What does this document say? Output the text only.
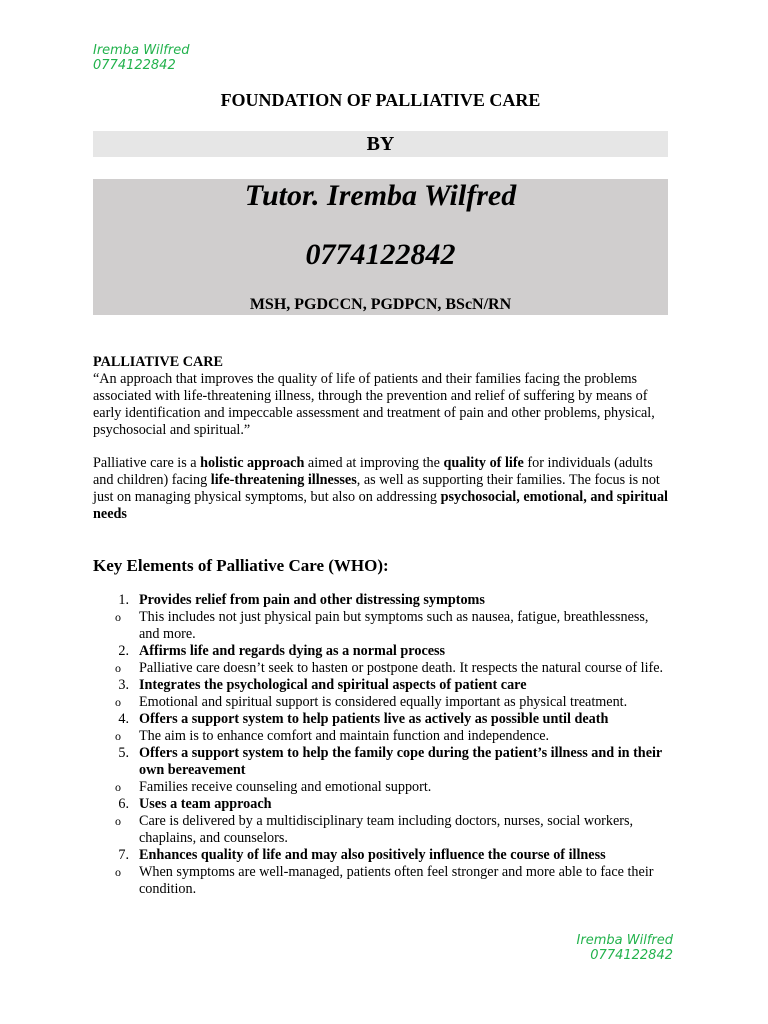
Iremba Wilfred
0774122842
FOUNDATION OF PALLIATIVE CARE
BY
Tutor. Iremba Wilfred
0774122842
MSH, PGDCCN, PGDPCN, BScN/RN
PALLIATIVE CARE
“An approach that improves the quality of life of patients and their families facing the problems associated with life-threatening illness, through the prevention and relief of suffering by means of early identification and impeccable assessment and treatment of pain and other problems, physical, psychosocial and spiritual.”
Palliative care is a holistic approach aimed at improving the quality of life for individuals (adults and children) facing life-threatening illnesses, as well as supporting their families. The focus is not just on managing physical symptoms, but also on addressing psychosocial, emotional, and spiritual needs
Key Elements of Palliative Care (WHO):
1. Provides relief from pain and other distressing symptoms
o This includes not just physical pain but symptoms such as nausea, fatigue, breathlessness, and more.
2. Affirms life and regards dying as a normal process
o Palliative care doesn’t seek to hasten or postpone death. It respects the natural course of life.
3. Integrates the psychological and spiritual aspects of patient care
o Emotional and spiritual support is considered equally important as physical treatment.
4. Offers a support system to help patients live as actively as possible until death
o The aim is to enhance comfort and maintain function and independence.
5. Offers a support system to help the family cope during the patient’s illness and in their own bereavement
o Families receive counseling and emotional support.
6. Uses a team approach
o Care is delivered by a multidisciplinary team including doctors, nurses, social workers, chaplains, and counselors.
7. Enhances quality of life and may also positively influence the course of illness
o When symptoms are well-managed, patients often feel stronger and more able to face their condition.
Iremba Wilfred
0774122842
